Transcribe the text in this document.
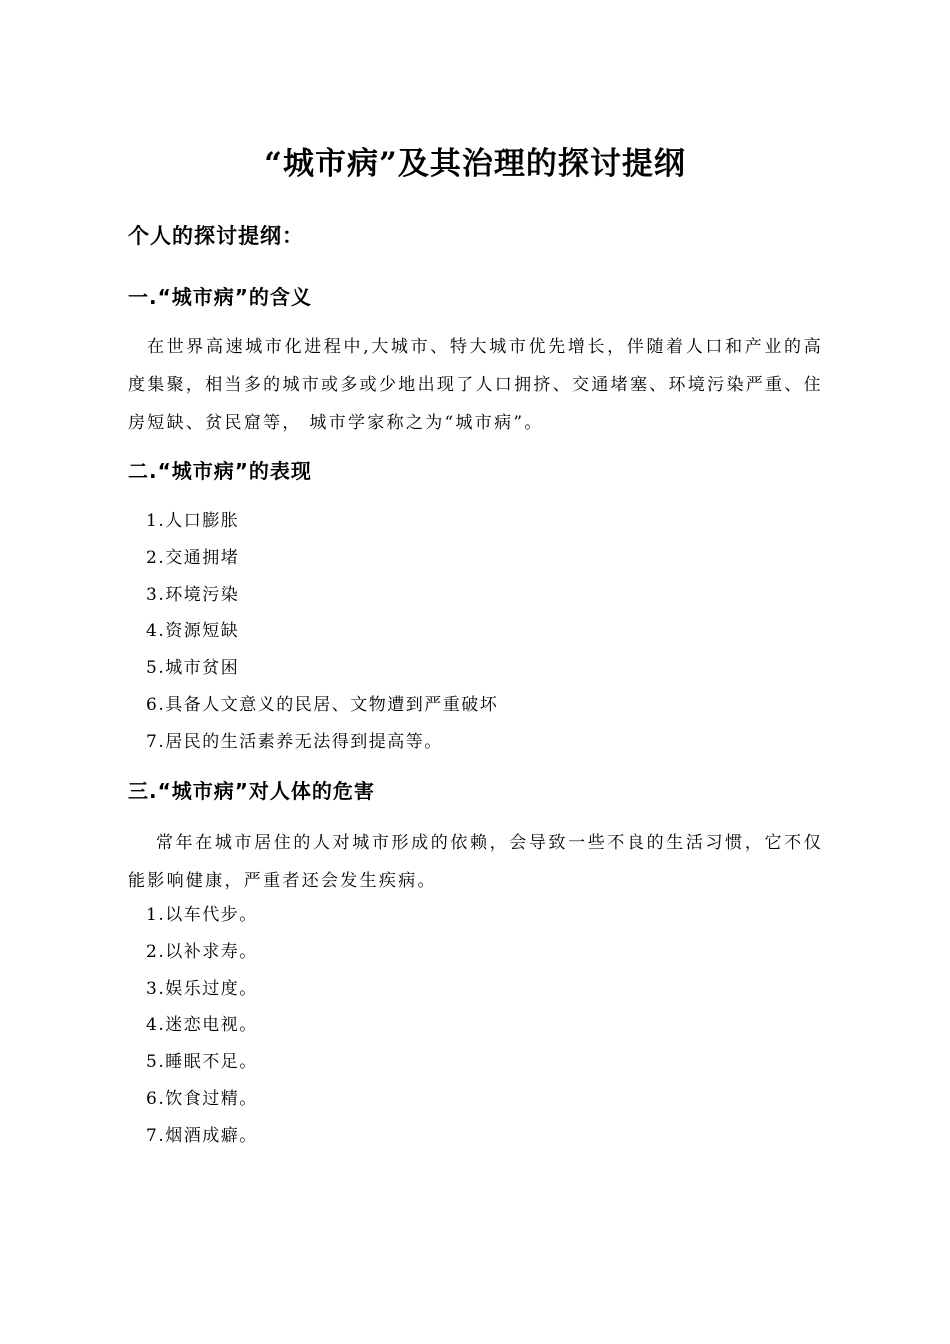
“城市病”及其治理的探讨提纲
个人的探讨提纲：
一.“城市病”的含义

在世界高速城市化进程中,大城市、特大城市优先增长，伴随着人口和产业的高度集聚，相当多的城市或多或少地出现了人口拥挤、交通堵塞、环境污染严重、住房短缺、贫民窟等， 城市学家称之为“城市病”。

二.“城市病”的表现
1.人口膨胀
2.交通拥堵
3.环境污染
4.资源短缺
5.城市贫困
6.具备人文意义的民居、文物遭到严重破坏
7.居民的生活素养无法得到提高等。
三.“城市病”对人体的危害

常年在城市居住的人对城市形成的依赖，会导致一些不良的生活习惯，它不仅能影响健康，严重者还会发生疾病。

1.以车代步。
2.以补求寿。
3.娱乐过度。
4.迷恋电视。
5.睡眠不足。
6.饮食过精。
7.烟酒成癖。
